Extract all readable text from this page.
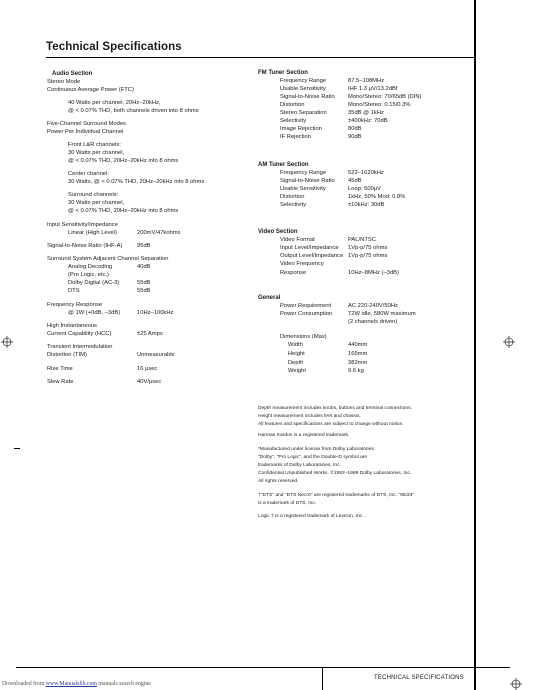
Technical Specifications
TECHNICAL SPECIFICATIONS
Downloaded from www.Manualslib.com manuals search engine
Audio Section
Stereo Mode
Continuous Average Power (FTC)
40 Watts per channel, 20Hz–20kHz,
@ < 0.07% THD, both channels driven into 8 ohms
Five-Channel Surround Modes
Power Per Individual Channel
Front L&R channels:
30 Watts per channel,
@ < 0.07% THD, 20Hz–20kHz into 8 ohms
Center channel:
30 Watts, @ < 0.07% THD, 20Hz–20kHz into 8 ohms
Surround channels:
30 Watts per channel,
@ < 0.07% THD, 20Hz–20kHz into 8 ohms
Input Sensitivity/Impedance
Linear (High Level)	200mV/47kohms
Signal-to-Noise Ratio (IHF-A)	95dB
Surround System Adjacent Channel Separation
Analog Decoding	40dB
(Pro Logic, etc.)
Dolby Digital (AC-3)	55dB
DTS	55dB
Frequency Response
@ 1W (+0dB, –3dB)	10Hz–100kHz
High Instantaneous
Current Capability (HCC)	±25 Amps
Transient Intermodulation
Distortion (TIM)	Unmeasurable
Rise Time	16 µsec
Slew Rate	40V/µsec
FM Tuner Section
Frequency Range	87.5–108MHz
Usable Sensitivity	IHF 1.3 µV/13.2dBf
Signal-to-Noise Ratio Mono/Stereo: 70/65dB (DIN)
Distortion	Mono/Stereo: 0.15/0.3%
Stereo Separation	35dB @ 1kHz
Selectivity	±400kHz: 70dB
Image Rejection	80dB
IF Rejection	90dB
AM Tuner Section
Frequency Range	522–1620kHz
Signal-to-Noise Ratio 45dB
Usable Sensitivity	Loop: 500µV
Distortion	1kHz, 50% Mod: 0.8%
Selectivity	±10kHz: 30dB
Video Section
Video Format	PAL/NTSC
Input Level/Impedance 1Vp-p/75 ohms
Output Level/Impedance 1Vp-p/75 ohms
Video Frequency
Response	10Hz–8MHz (–3dB)
General
Power Requirement	AC 220-240V/50Hz
Power Consumption	72W idle, 580W maximum
(2 channels driven)
Dimensions (Max)
Width	440mm
Height	165mm
Depth	382mm
Weight	9.6 kg
Depth measurement includes knobs, buttons and terminal connections.
Height measurement includes feet and chassis.
All features and specifications are subject to change without notice.
Harman Kardon is a registered trademark.
*Manufactured under license from Dolby Laboratories.
"Dolby", "Pro Logic", and the Double-D symbol are
trademarks of Dolby Laboratories, Inc.
Confidential Unpublished Works. ©1992–1999 Dolby Laboratories, Inc.
All rights reserved.
†"DTS" and "DTS Neo:6" are registered trademarks of DTS, Inc. "96/24"
is a trademark of DTS, Inc.
Logic 7 is a registered trademark of Lexicon, Inc.
